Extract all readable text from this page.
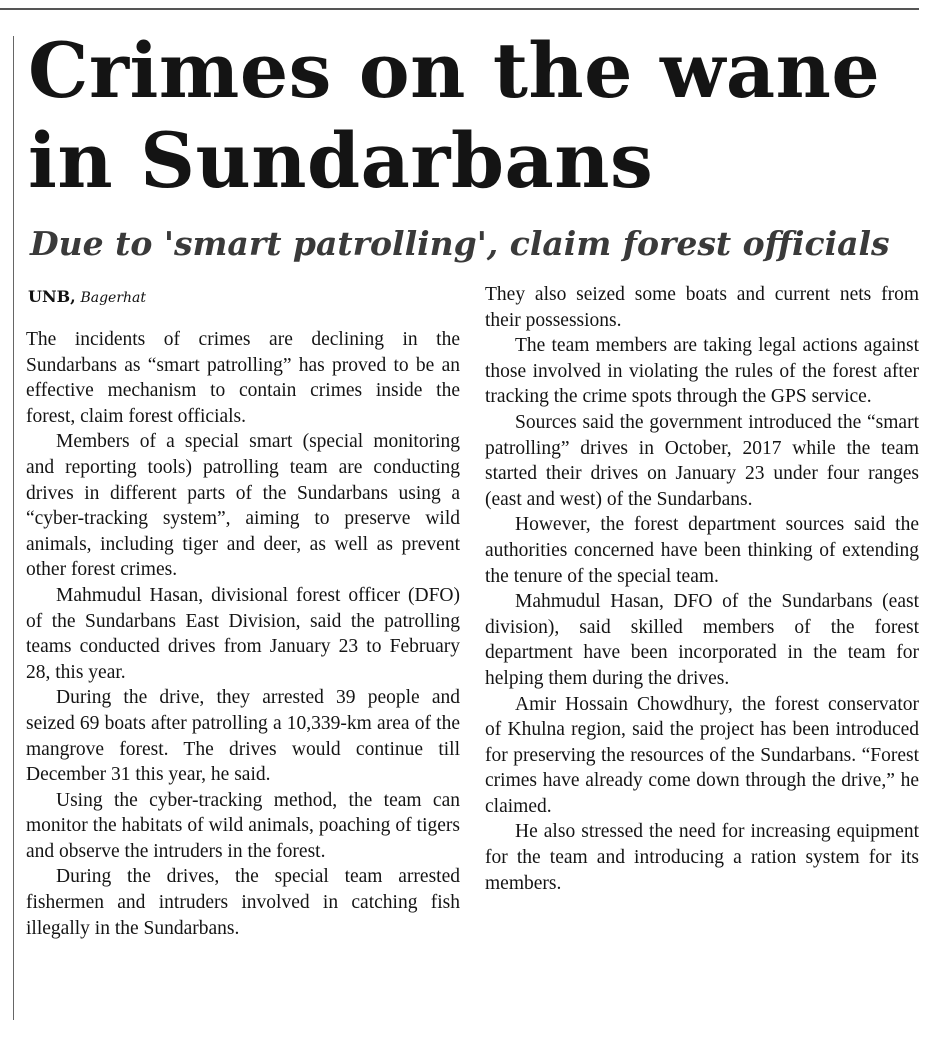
Crimes on the wane
in Sundarbans
Due to 'smart patrolling', claim forest officials
UNB, Bagerhat

The incidents of crimes are declining in the Sundarbans as “smart patrolling” has proved to be an effective mechanism to contain crimes inside the forest, claim forest officials.

Members of a special smart (special monitoring and reporting tools) patrolling team are conducting drives in different parts of the Sundarbans using a “cyber-tracking system”, aiming to preserve wild animals, including tiger and deer, as well as prevent other forest crimes.

Mahmudul Hasan, divisional forest officer (DFO) of the Sundarbans East Division, said the patrolling teams conducted drives from January 23 to February 28, this year.

During the drive, they arrested 39 people and seized 69 boats after patrolling a 10,339-km area of the mangrove forest. The drives would continue till December 31 this year, he said.

Using the cyber-tracking method, the team can monitor the habitats of wild animals, poaching of tigers and observe the intruders in the forest.

During the drives, the special team arrested fishermen and intruders involved in catching fish illegally in the Sundarbans.

They also seized some boats and current nets from their possessions.

The team members are taking legal actions against those involved in violating the rules of the forest after tracking the crime spots through the GPS service.

Sources said the government introduced the “smart patrolling” drives in October, 2017 while the team started their drives on January 23 under four ranges (east and west) of the Sundarbans.

However, the forest department sources said the authorities concerned have been thinking of extending the tenure of the special team.

Mahmudul Hasan, DFO of the Sundarbans (east division), said skilled members of the forest department have been incorporated in the team for helping them during the drives.

Amir Hossain Chowdhury, the forest conservator of Khulna region, said the project has been introduced for preserving the resources of the Sundarbans. “Forest crimes have already come down through the drive,” he claimed.

He also stressed the need for increasing equipment for the team and introducing a ration system for its members.
